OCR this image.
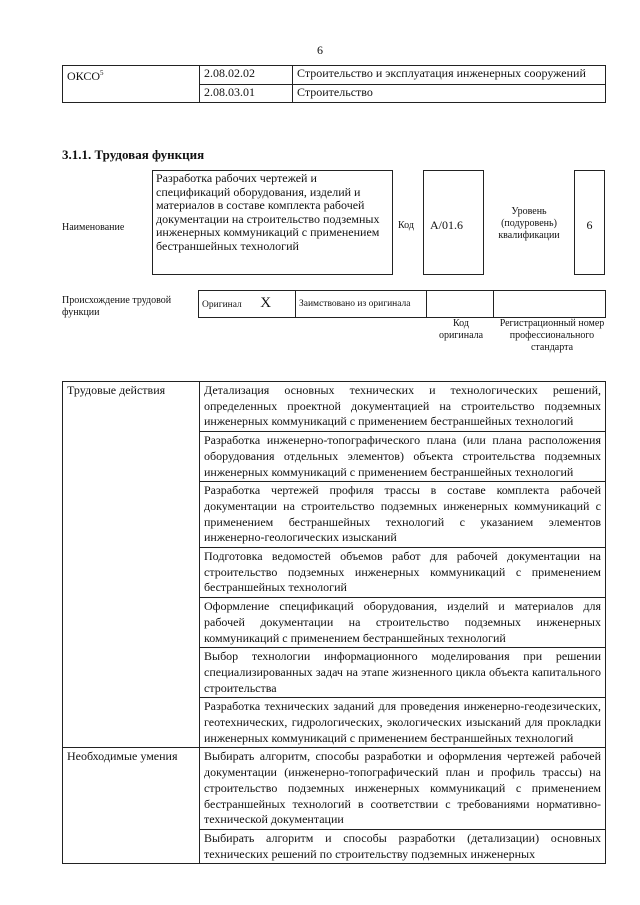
6
ОКСО$^5$	2.08.02.02	Строительство и эксплуатация инженерных сооружений
	2.08.03.01	Строительство
3.1.1. Трудовая функция
Наименование
Разработка рабочих чертежей и спецификаций оборудования, изделий и материалов в составе комплекта рабочей документации на строительство подземных инженерных коммуникаций с применением бестраншейных технологий
Код	А/01.6
Уровень (подуровень) квалификации
6
Происхождение трудовой функции
Оригинал X	Заимствовано из оригинала		
Код оригинала
Регистрационный номер профессионального стандарта
Трудовые действия	Детализация основных технических и технологических решений, определенных проектной документацией на строительство подземных инженерных коммуникаций с применением бестраншейных технологий
	Разработка инженерно-топографического плана (или плана расположения оборудования отдельных элементов) объекта строительства подземных инженерных коммуникаций с применением бестраншейных технологий
	Разработка чертежей профиля трассы в составе комплекта рабочей документации на строительство подземных инженерных коммуникаций с применением бестраншейных технологий с указанием элементов инженерно-геологических изысканий
	Подготовка ведомостей объемов работ для рабочей документации на строительство подземных инженерных коммуникаций с применением бестраншейных технологий
	Оформление спецификаций оборудования, изделий и материалов для рабочей документации на строительство подземных инженерных коммуникаций с применением бестраншейных технологий
	Выбор технологии информационного моделирования при решении специализированных задач на этапе жизненного цикла объекта капитального строительства
	Разработка технических заданий для проведения инженерно-геодезических, геотехнических, гидрологических, экологических изысканий для прокладки инженерных коммуникаций с применением бестраншейных технологий
Необходимые умения	Выбирать алгоритм, способы разработки и оформления чертежей рабочей документации (инженерно-топографический план и профиль трассы) на строительство подземных инженерных коммуникаций с применением бестраншейных технологий в соответствии с требованиями нормативно-технической документации
	Выбирать алгоритм и способы разработки (детализации) основных технических решений по строительству подземных инженерных
